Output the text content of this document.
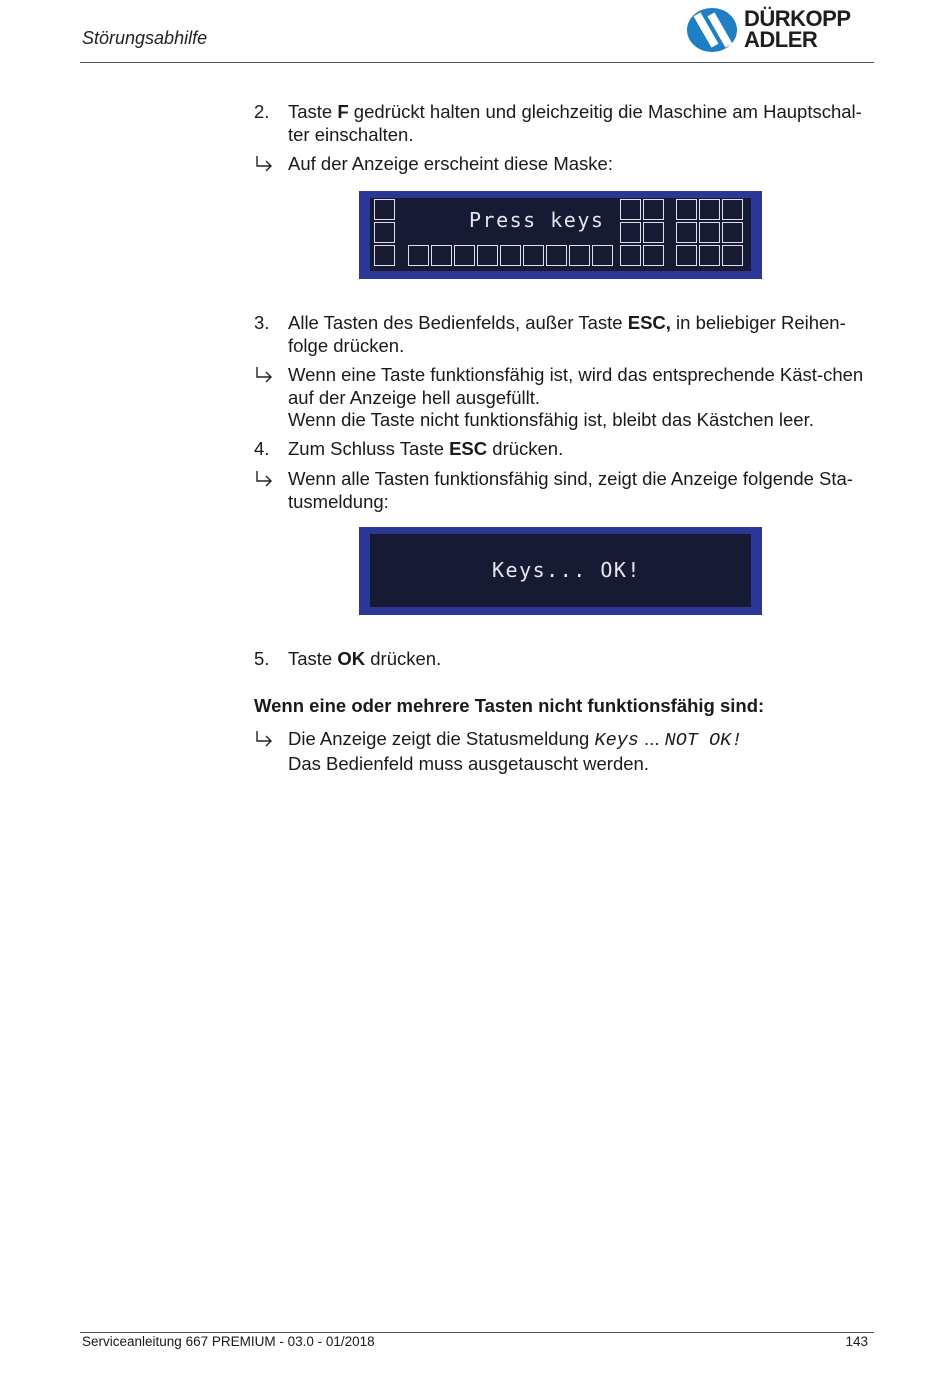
Störungsabhilfe
DÜRKOPP
ADLER
2.	Taste F gedrückt halten und gleichzeitig die Maschine am Hauptschal-ter einschalten.
Auf der Anzeige erscheint diese Maske:
Press keys
3.	Alle Tasten des Bedienfelds, außer Taste ESC, in beliebiger Reihen-folge drücken.
Wenn eine Taste funktionsfähig ist, wird das entsprechende Käst-chen auf der Anzeige hell ausgefüllt.
Wenn die Taste nicht funktionsfähig ist, bleibt das Kästchen leer.
4.	Zum Schluss Taste ESC drücken.
Wenn alle Tasten funktionsfähig sind, zeigt die Anzeige folgende Sta-tusmeldung:
Keys... OK!
5.	Taste OK drücken.
Wenn eine oder mehrere Tasten nicht funktionsfähig sind:
Die Anzeige zeigt die Statusmeldung Keys ... NOT OK!
Das Bedienfeld muss ausgetauscht werden.
Serviceanleitung 667 PREMIUM - 03.0 - 01/2018	143
